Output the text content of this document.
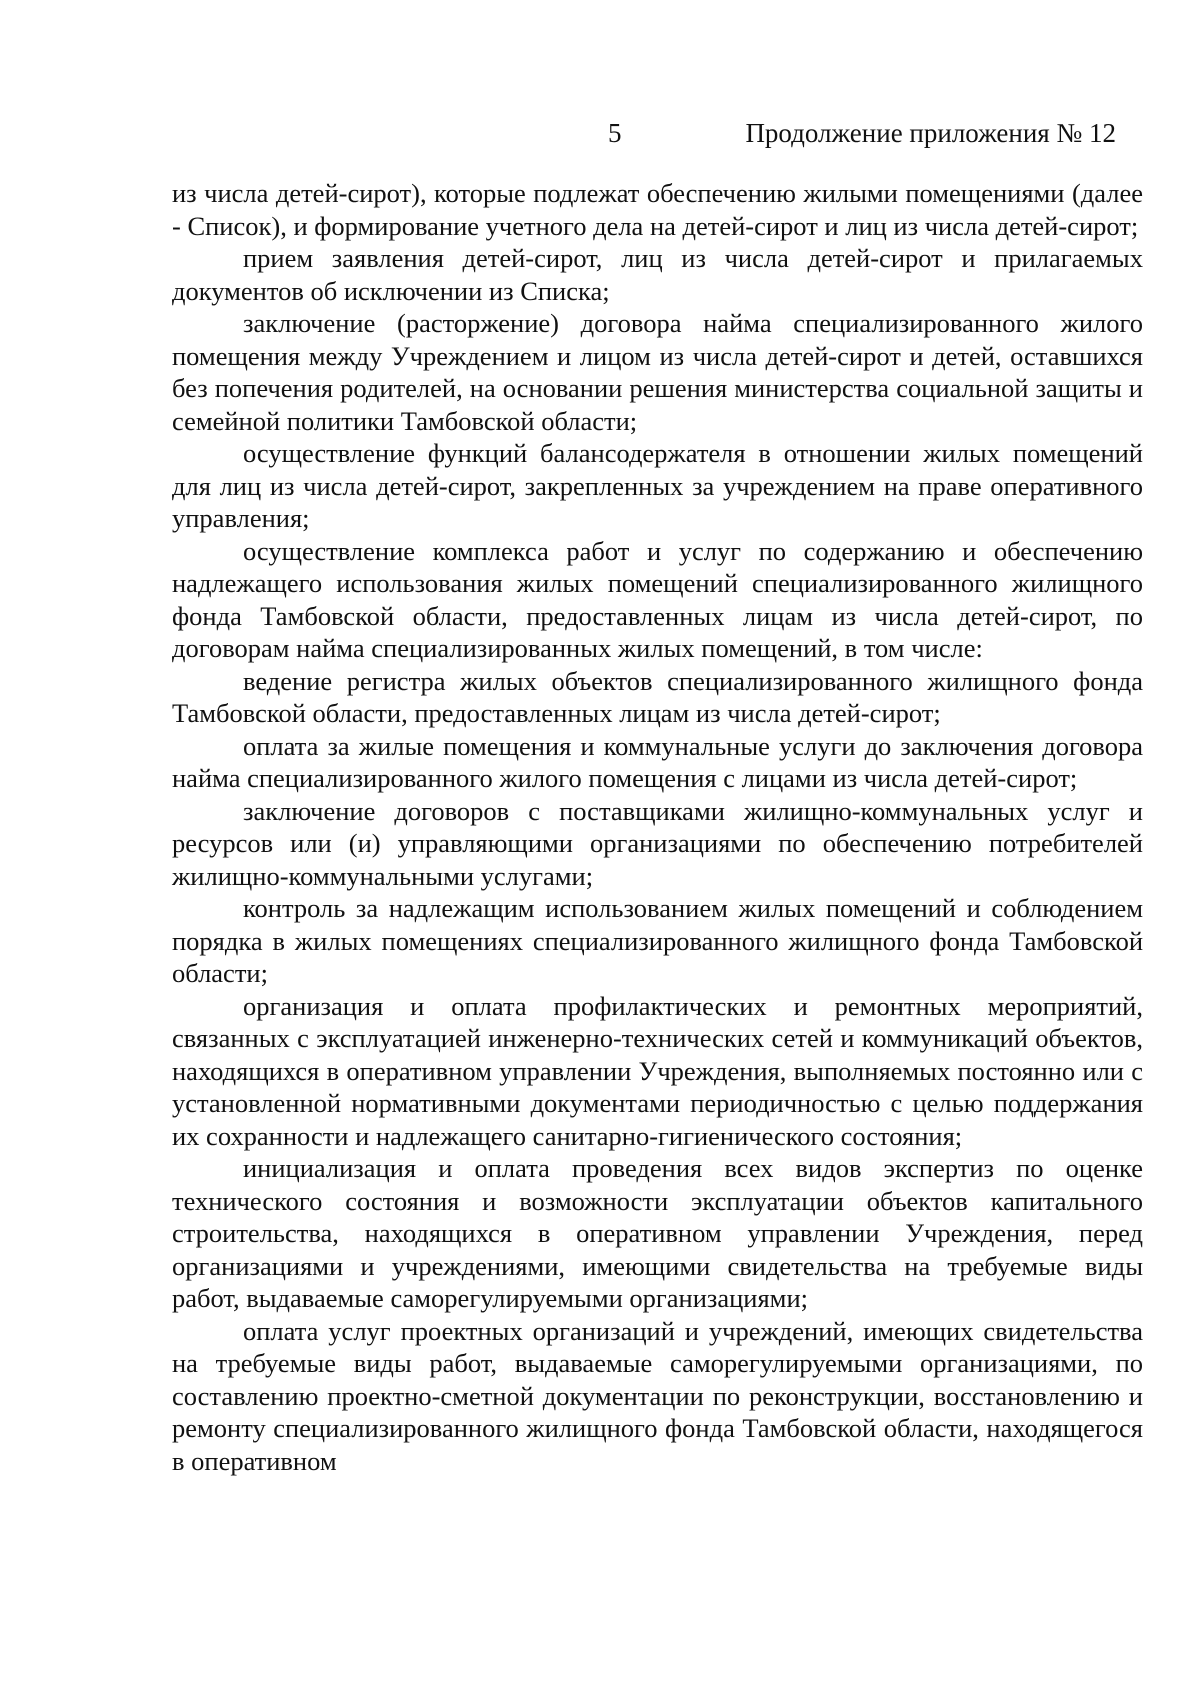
5	Продолжение приложения № 12

из числа детей-сирот), которые подлежат обеспечению жилыми помещениями (далее - Список), и формирование учетного дела на детей-сирот и лиц из числа детей-сирот;

прием заявления детей-сирот, лиц из числа детей-сирот и прилагаемых документов об исключении из Списка;

заключение (расторжение) договора найма специализированного жилого помещения между Учреждением и лицом из числа детей-сирот и детей, оставшихся без попечения родителей, на основании решения министерства социальной защиты и семейной политики Тамбовской области;

осуществление функций балансодержателя в отношении жилых помещений для лиц из числа детей-сирот, закрепленных за учреждением на праве оперативного управления;

осуществление комплекса работ и услуг по содержанию и обеспечению надлежащего использования жилых помещений специализированного жилищного фонда Тамбовской области, предоставленных лицам из числа детей-сирот, по договорам найма специализированных жилых помещений, в том числе:

ведение регистра жилых объектов специализированного жилищного фонда Тамбовской области, предоставленных лицам из числа детей-сирот;

оплата за жилые помещения и коммунальные услуги до заключения договора найма специализированного жилого помещения с лицами из числа детей-сирот;

заключение договоров с поставщиками жилищно-коммунальных услуг и ресурсов или (и) управляющими организациями по обеспечению потребителей жилищно-коммунальными услугами;

контроль за надлежащим использованием жилых помещений и соблюдением порядка в жилых помещениях специализированного жилищного фонда Тамбовской области;

организация и оплата профилактических и ремонтных мероприятий, связанных с эксплуатацией инженерно-технических сетей и коммуникаций объектов, находящихся в оперативном управлении Учреждения, выполняемых постоянно или с установленной нормативными документами периодичностью с целью поддержания их сохранности и надлежащего санитарно-гигиенического состояния;

инициализация и оплата проведения всех видов экспертиз по оценке технического состояния и возможности эксплуатации объектов капитального строительства, находящихся в оперативном управлении Учреждения, перед организациями и учреждениями, имеющими свидетельства на требуемые виды работ, выдаваемые саморегулируемыми организациями;

оплата услуг проектных организаций и учреждений, имеющих свидетельства на требуемые виды работ, выдаваемые саморегулируемыми организациями, по составлению проектно-сметной документации по реконструкции, восстановлению и ремонту специализированного жилищного фонда Тамбовской области, находящегося в оперативном
